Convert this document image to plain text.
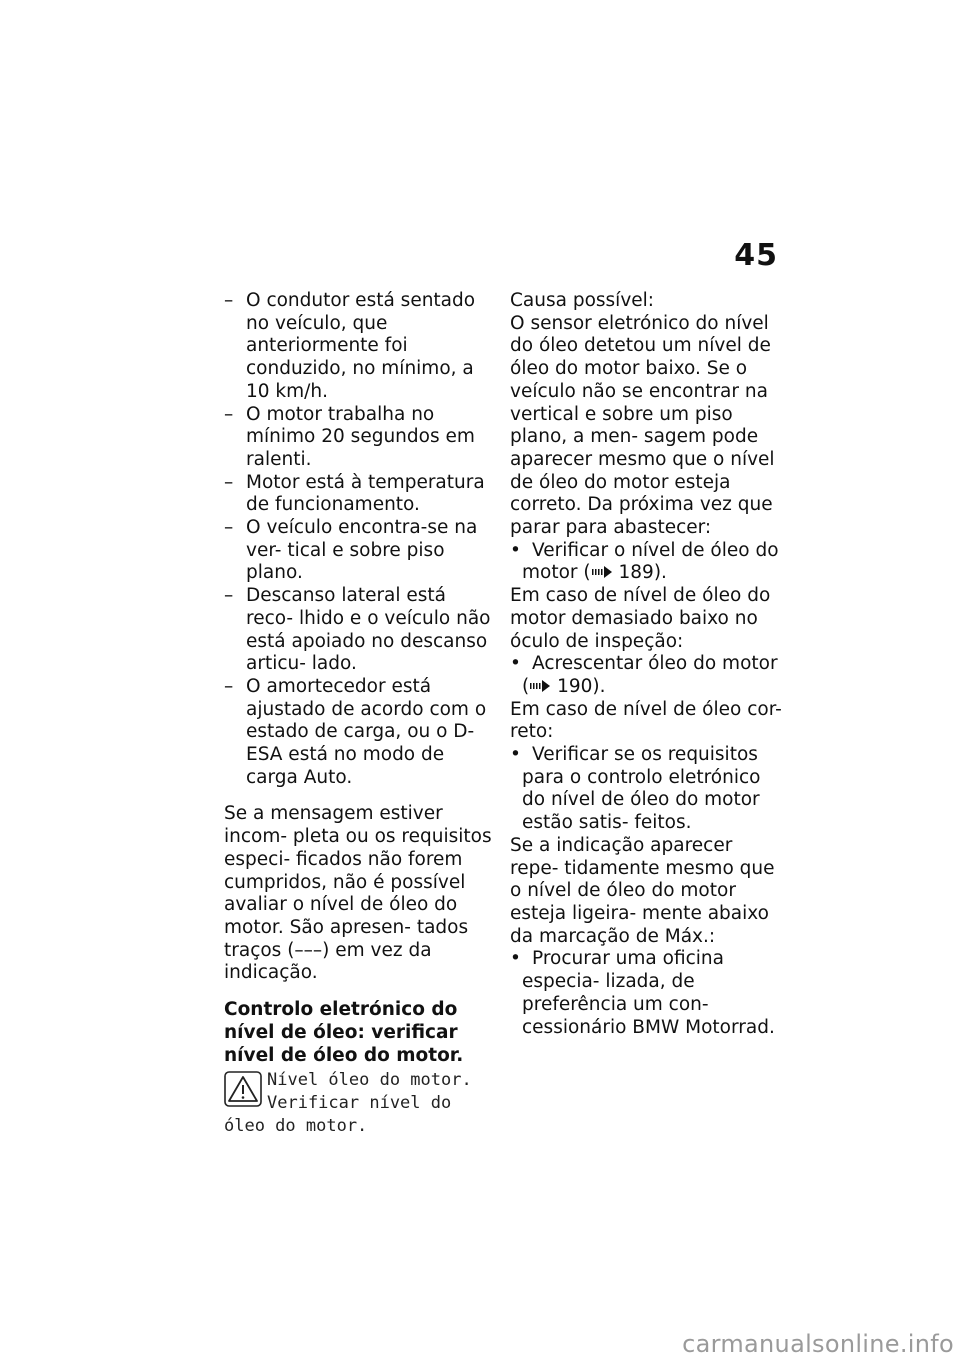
45
– O condutor está sentado no veículo, que anteriormente foi conduzido, no mínimo, a 10 km/h.
– O motor trabalha no mínimo 20 segundos em ralenti.
– Motor está à temperatura de funcionamento.
– O veículo encontra-se na ver- tical e sobre piso plano.
– Descanso lateral está reco- lhido e o veículo não está apoiado no descanso articu- lado.
– O amortecedor está ajustado de acordo com o estado de carga, ou o D-ESA está no modo de carga Auto.
Se a mensagem estiver incom- pleta ou os requisitos especi- ficados não forem cumpridos, não é possível avaliar o nível de óleo do motor. São apresen- tados traços (–––) em vez da indicação.
Controlo eletrónico do nível de óleo: verificar nível de óleo do motor.
Nível óleo do motor.
Verificar nível do
óleo do motor.
Causa possível:
O sensor eletrónico do nível do óleo detetou um nível de óleo do motor baixo. Se o veículo não se encontrar na vertical e sobre um piso plano, a men- sagem pode aparecer mesmo que o nível de óleo do motor esteja correto. Da próxima vez que parar para abastecer:
• Verificar o nível de óleo do motor ( 189).
Em caso de nível de óleo do motor demasiado baixo no óculo de inspeção:
• Acrescentar óleo do motor ( 190).
Em caso de nível de óleo cor- reto:
• Verificar se os requisitos para o controlo eletrónico do nível de óleo do motor estão satis- feitos.
Se a indicação aparecer repe- tidamente mesmo que o nível de óleo do motor esteja ligeira- mente abaixo da marcação de Máx.:
• Procurar uma oficina especia- lizada, de preferência um con- cessionário BMW Motorrad.
carmanualsonline.info
